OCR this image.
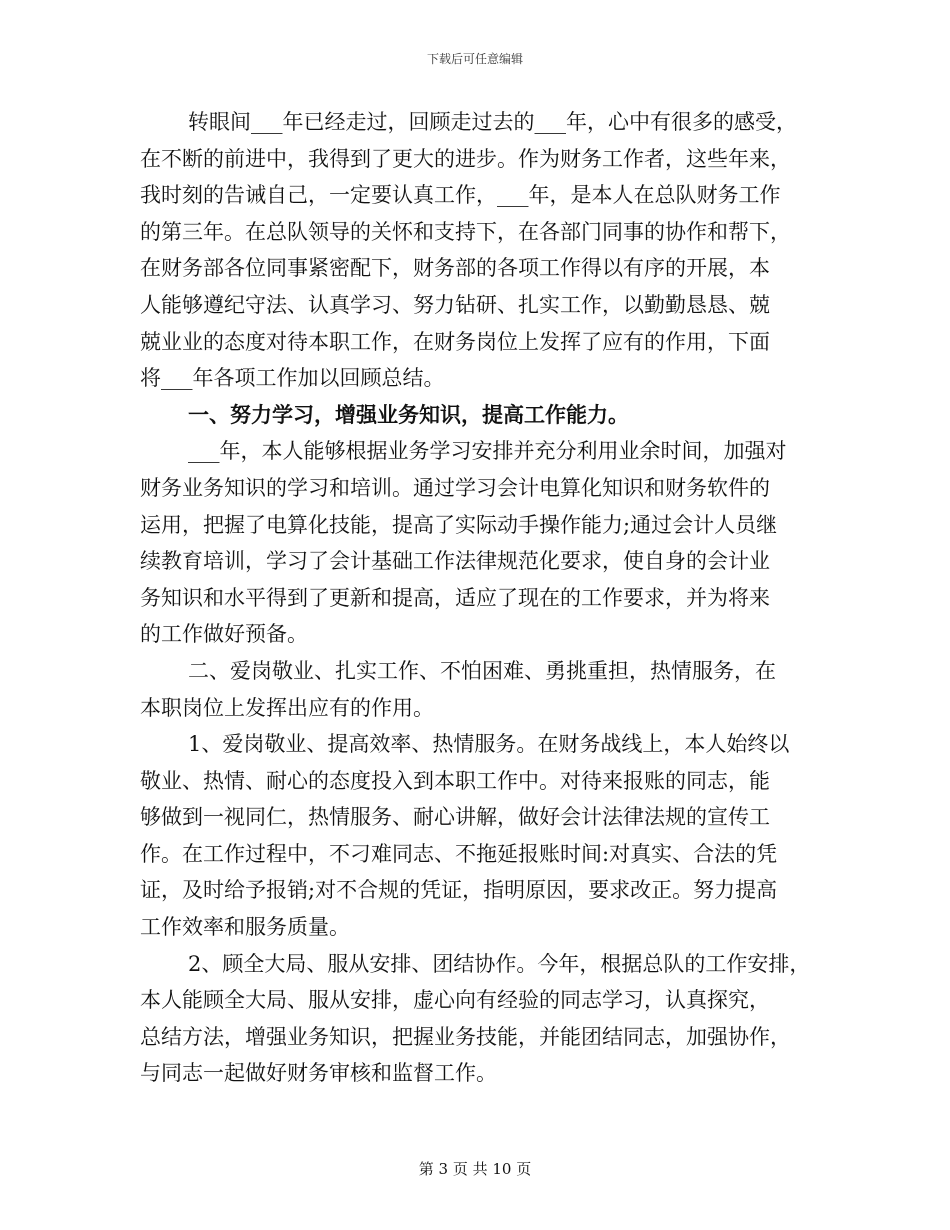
下载后可任意编辑
转眼间___年已经走过，回顾走过去的___年，心中有很多的感受，
在不断的前进中，我得到了更大的进步。作为财务工作者，这些年来，
我时刻的告诫自己，一定要认真工作，___年，是本人在总队财务工作
的第三年。在总队领导的关怀和支持下，在各部门同事的协作和帮下，
在财务部各位同事紧密配下，财务部的各项工作得以有序的开展，本
人能够遵纪守法、认真学习、努力钻研、扎实工作，以勤勤恳恳、兢
兢业业的态度对待本职工作，在财务岗位上发挥了应有的作用，下面
将___年各项工作加以回顾总结。
一、努力学习，增强业务知识，提高工作能力。
___年，本人能够根据业务学习安排并充分利用业余时间，加强对
财务业务知识的学习和培训。通过学习会计电算化知识和财务软件的
运用，把握了电算化技能，提高了实际动手操作能力;通过会计人员继
续教育培训，学习了会计基础工作法律规范化要求，使自身的会计业
务知识和水平得到了更新和提高，适应了现在的工作要求，并为将来
的工作做好预备。
二、爱岗敬业、扎实工作、不怕困难、勇挑重担，热情服务，在
本职岗位上发挥出应有的作用。
1、爱岗敬业、提高效率、热情服务。在财务战线上，本人始终以
敬业、热情、耐心的态度投入到本职工作中。对待来报账的同志，能
够做到一视同仁，热情服务、耐心讲解，做好会计法律法规的宣传工
作。在工作过程中，不刁难同志、不拖延报账时间:对真实、合法的凭
证，及时给予报销;对不合规的凭证，指明原因，要求改正。努力提高
工作效率和服务质量。
2、顾全大局、服从安排、团结协作。今年，根据总队的工作安排，
本人能顾全大局、服从安排，虚心向有经验的同志学习，认真探究，
总结方法，增强业务知识，把握业务技能，并能团结同志，加强协作，
与同志一起做好财务审核和监督工作。
第 3 页 共 10 页
